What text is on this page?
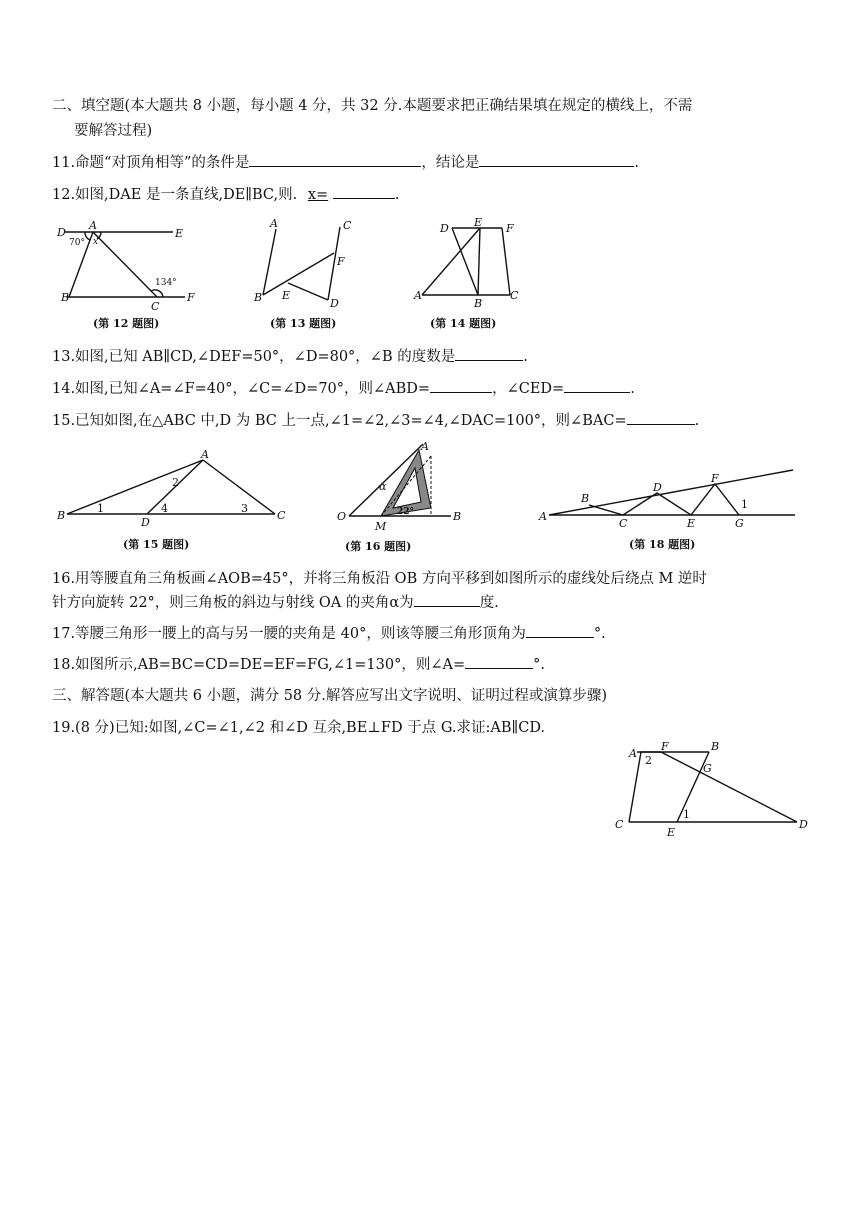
二、填空题(本大题共 8 小题，每小题 4 分，共 32 分.本题要求把正确结果填在规定的横线上，不需
要解答过程)
11.命题“对顶角相等”的条件是	，结论是	.
12.如图,DAE 是一条直线,DE∥BC,则. x=	.
D
A
E
B
C
F
70° x
134°
(第 12 题图)
A	C
F
B E
D
(第 13 题图)
D E F
A
B
C
(第 14 题图)
13.如图,已知 AB∥CD,∠DEF=50°，∠D=80°，∠B 的度数是	.
14.如图,已知∠A=∠F=40°，∠C=∠D=70°，则∠ABD=	，∠CED=	.
15.已知如图,在△ABC 中,D 为 BC 上一点,∠1=∠2,∠3=∠4,∠DAC=100°，则∠BAC=	.
B
A
C
D
1
2
3
4
(第 15 题图)
O
A
M
B
α
22°
(第 16 题图)
A
B
C
D
E
F
G
1
(第 18 题图)
16.用等腰直角三角板画∠AOB=45°，并将三角板沿 OB 方向平移到如图所示的虚线处后绕点 M 逆时
针方向旋转 22°，则三角板的斜边与射线 OA 的夹角α为	度.
17.等腰三角形一腰上的高与另一腰的夹角是 40°，则该等腰三角形顶角为	°.
18.如图所示,AB=BC=CD=DE=EF=FG,∠1=130°，则∠A=	°.
三、解答题(本大题共 6 小题，满分 58 分.解答应写出文字说明、证明过程或演算步骤)
19.(8 分)已知:如图,∠C=∠1,∠2 和∠D 互余,BE⊥FD 于点 G.求证:AB∥CD.
A
F	B
2
G
C
E
1
D
